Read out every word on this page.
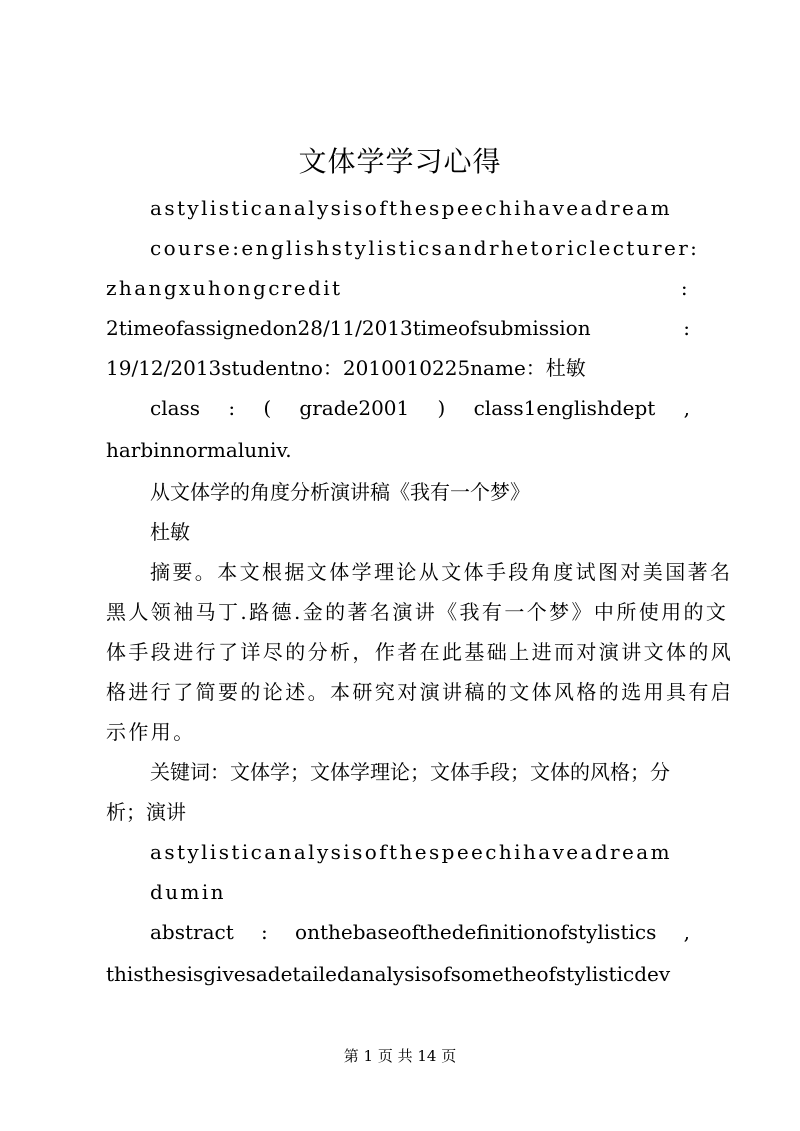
文体学学习心得
astylisticanalysisofthespeechihaveadream
course : englishstylisticsandrhetoriclecturer :
zhangxuhongcredit	:
2timeofassignedon28/11/2013timeofsubmission	:
19/12/2013studentno：2010010225name：杜敏
class : ( grade2001 ) class1englishdept ,
harbinnormaluniv.
从文体学的角度分析演讲稿《我有一个梦》
杜敏
摘要。本文根据文体学理论从文体手段角度试图对美国著名
黑人领袖马丁.路德.金的著名演讲《我有一个梦》中所使用的文
体手段进行了详尽的分析，作者在此基础上进而对演讲文体的风
格进行了简要的论述。本研究对演讲稿的文体风格的选用具有启
示作用。
关键词：文体学；文体学理论；文体手段；文体的风格；分
析；演讲
astylisticanalysisofthespeechihaveadream
dumin
abstract : onthebaseofthedefinitionofstylistics ,
thisthesisgivesadetailedanalysisofsometheofstylisticdev
第 1 页 共 14 页
